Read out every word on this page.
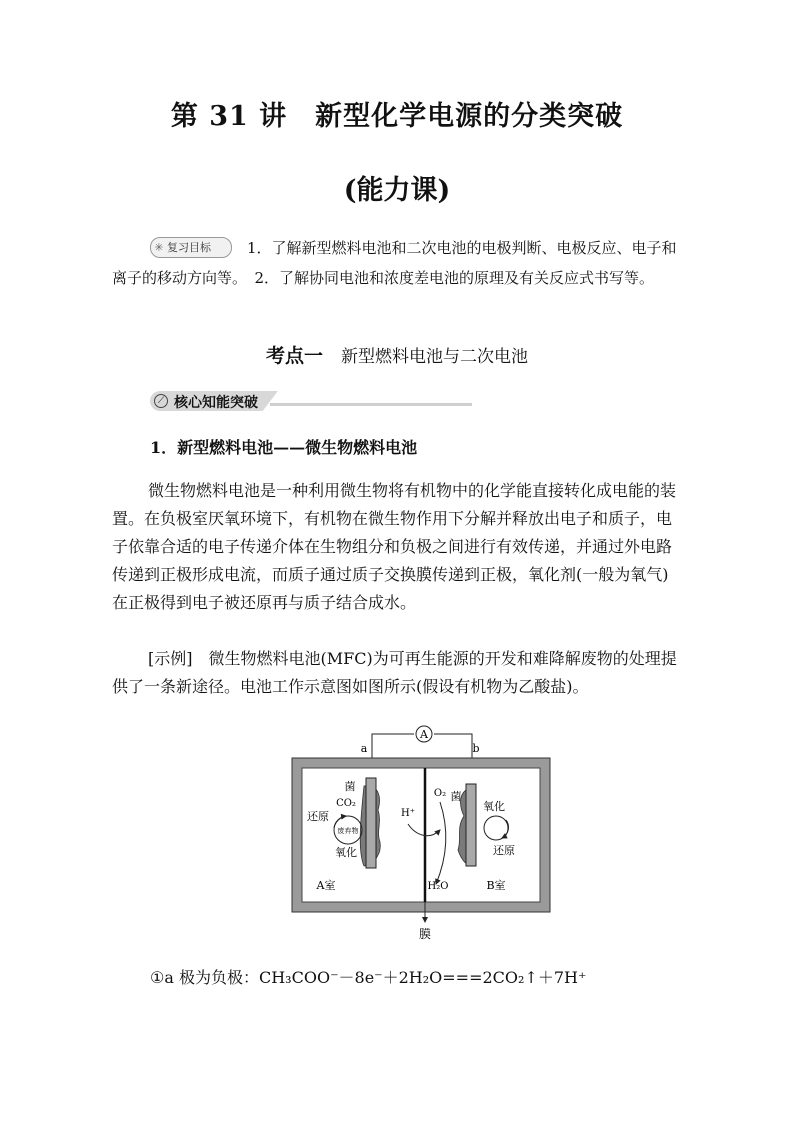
第 31 讲　新型化学电源的分类突破
(能力课)
1．了解新型燃料电池和二次电池的电极判断、电极反应、电子和离子的移动方向等。　2．了解协同电池和浓度差电池的原理及有关反应式书写等。
✳ 复习目标
考点一 新型燃料电池与二次电池
⟋ 核心知能突破
1．新型燃料电池——微生物燃料电池
微生物燃料电池是一种利用微生物将有机物中的化学能直接转化成电能的装置。在负极室厌氧环境下，有机物在微生物作用下分解并释放出电子和质子，电子依靠合适的电子传递介体在生物组分和负极之间进行有效传递，并通过外电路传递到正极形成电流，而质子通过质子交换膜传递到正极，氧化剂(一般为氧气)在正极得到电子被还原再与质子结合成水。
[示例]　微生物燃料电池(MFC)为可再生能源的开发和难降解废物的处理提供了一条新途径。电池工作示意图如图所示(假设有机物为乙酸盐)。
A
a	b
膜
菌
CO₂
还原
废弃物
氧化
A室
H⁺
O₂ 菌
H₂O
氧化
还原
B室
①a 极为负极：CH₃COO⁻－8e⁻＋2H₂O===2CO₂↑＋7H⁺
